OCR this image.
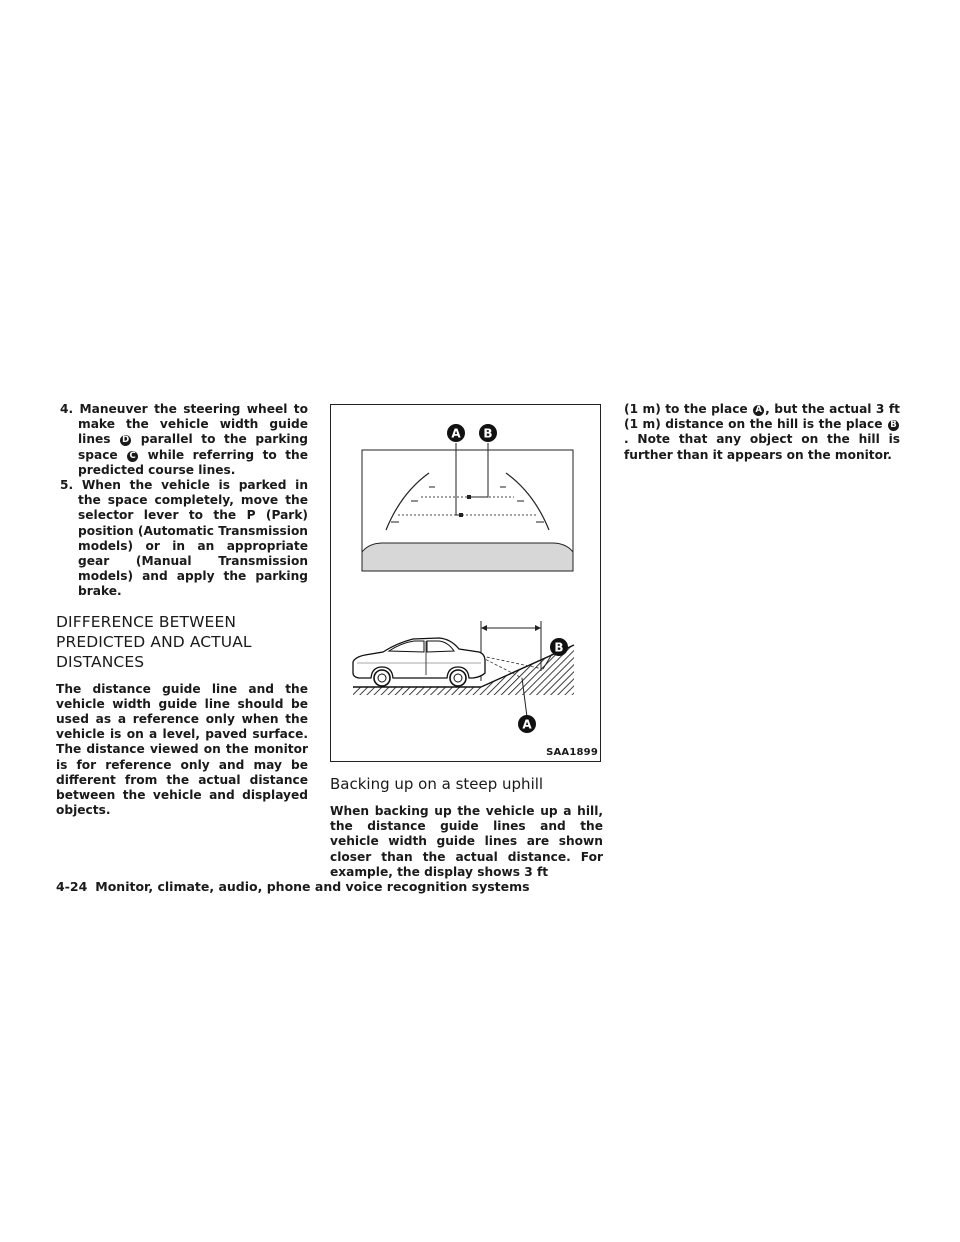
4. Maneuver the steering wheel to make the vehicle width guide lines D parallel to the parking space C while referring to the predicted course lines.
5. When the vehicle is parked in the space completely, move the selector lever to the P (Park) position (Automatic Transmission models) or in an appropriate gear (Manual Transmission models) and apply the parking brake.
DIFFERENCE BETWEEN PREDICTED AND ACTUAL DISTANCES

The distance guide line and the vehicle width guide line should be used as a reference only when the vehicle is on a level, paved surface. The distance viewed on the monitor is for reference only and may be different from the actual distance between the vehicle and displayed objects.

A B
B
A
SAA1899
Backing up on a steep uphill

When backing up the vehicle up a hill, the distance guide lines and the vehicle width guide lines are shown closer than the actual distance. For example, the display shows 3 ft

(1 m) to the place A , but the actual 3 ft (1 m) distance on the hill is the place B. Note that any object on the hill is further than it appears on the monitor.

4-24 Monitor, climate, audio, phone and voice recognition systems
